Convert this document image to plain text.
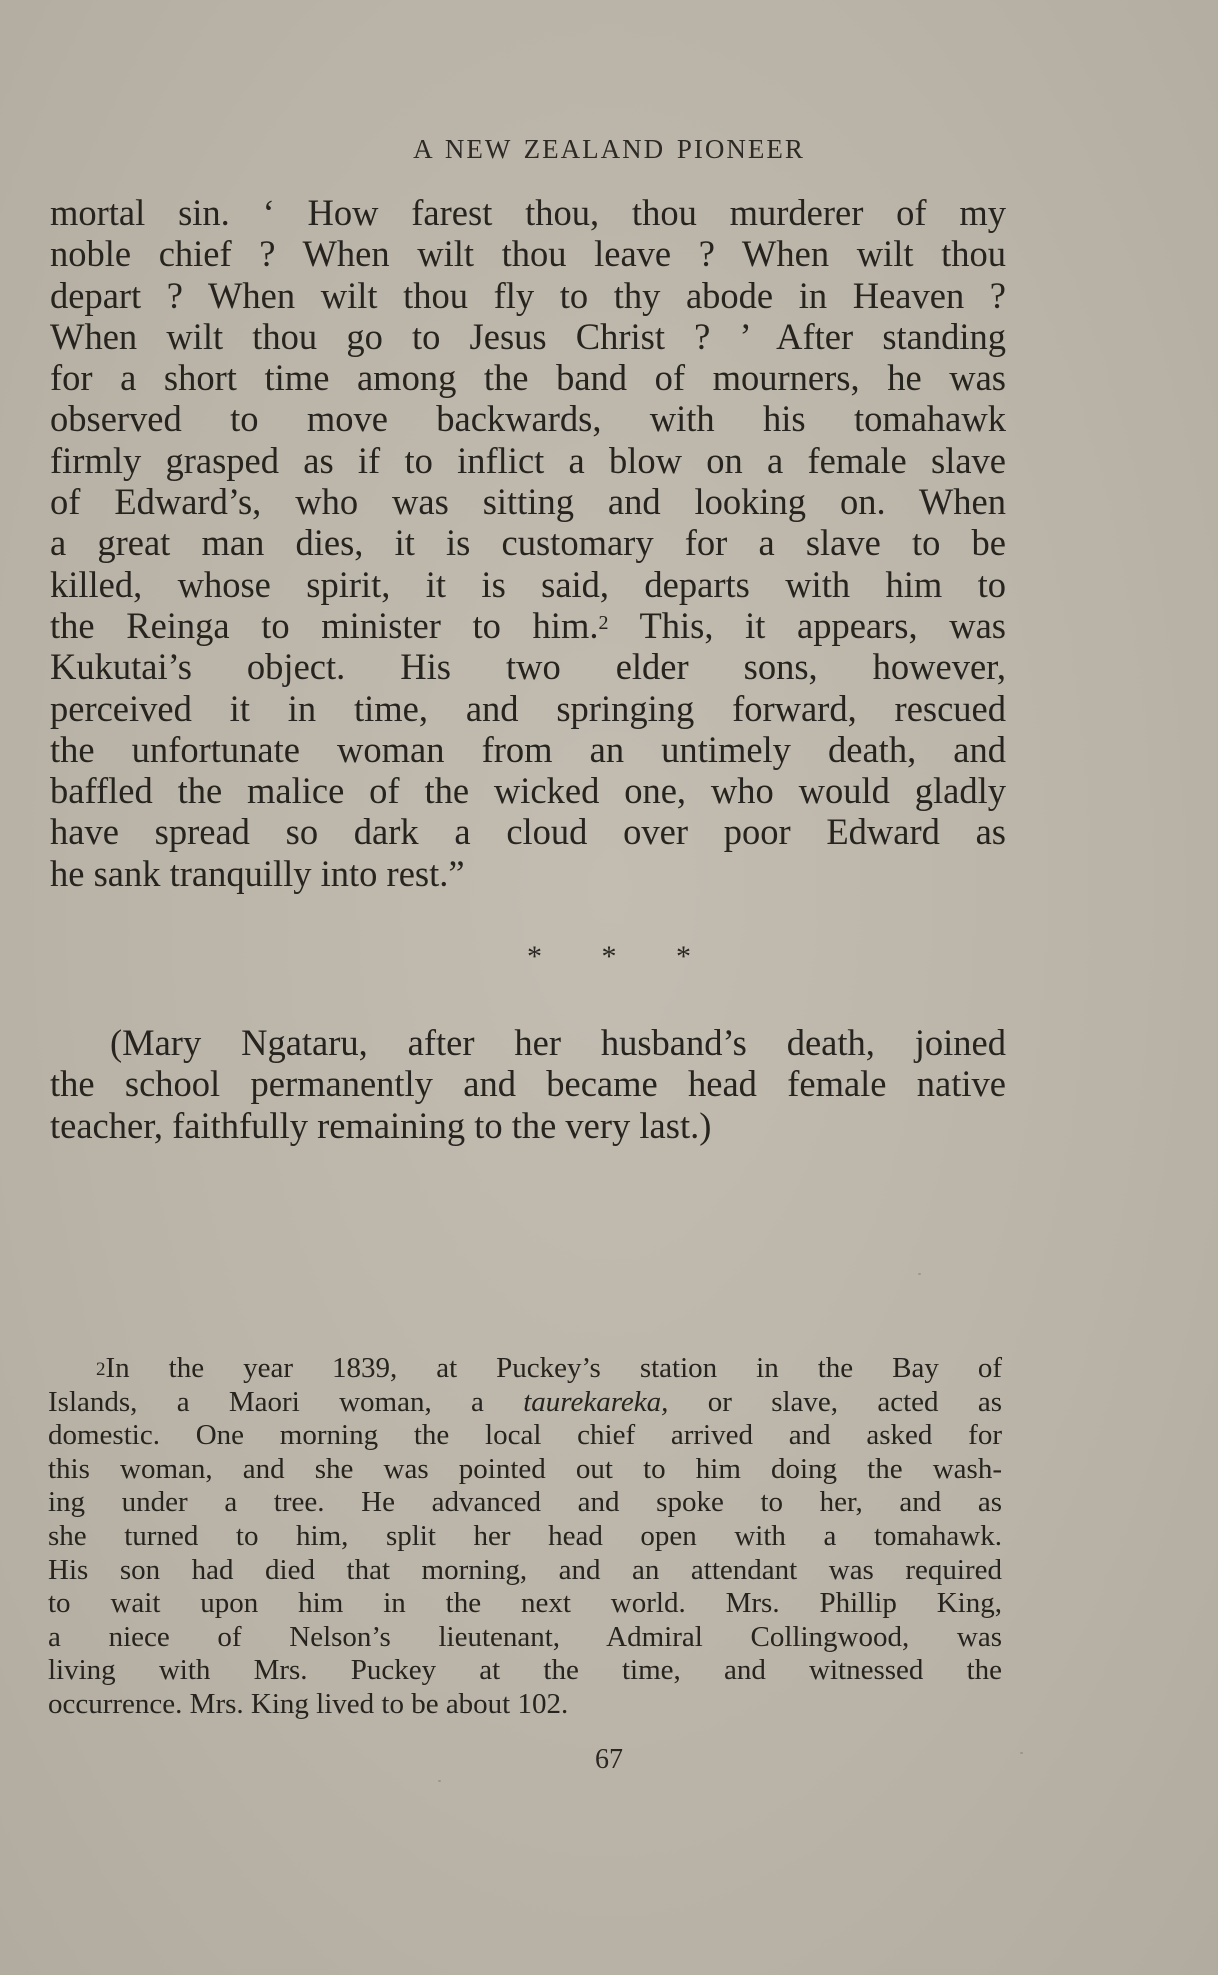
A NEW ZEALAND PIONEER
mortal sin. ‘ How farest thou, thou murderer of my
noble chief ? When wilt thou leave ? When wilt thou
depart ? When wilt thou fly to thy abode in Heaven ?
When wilt thou go to Jesus Christ ? ’ After standing
for a short time among the band of mourners, he was
observed to move backwards, with his tomahawk
firmly grasped as if to inflict a blow on a female slave
of Edward’s, who was sitting and looking on. When
a great man dies, it is customary for a slave to be
killed, whose spirit, it is said, departs with him to
the Reinga to minister to him.$^2$ This, it appears, was
Kukutai’s object. His two elder sons, however,
perceived it in time, and springing forward, rescued
the unfortunate woman from an untimely death, and
baffled the malice of the wicked one, who would gladly
have spread so dark a cloud over poor Edward as
he sank tranquilly into rest.”
* * *
(Mary Ngataru, after her husband’s death, joined
the school permanently and became head female native
teacher, faithfully remaining to the very last.)
$^2$In the year 1839, at Puckey’s station in the Bay of
Islands, a Maori woman, a taurekareka, or slave, acted as
domestic. One morning the local chief arrived and asked for
this woman, and she was pointed out to him doing the wash-
ing under a tree. He advanced and spoke to her, and as
she turned to him, split her head open with a tomahawk.
His son had died that morning, and an attendant was required
to wait upon him in the next world. Mrs. Phillip King,
a niece of Nelson’s lieutenant, Admiral Collingwood, was
living with Mrs. Puckey at the time, and witnessed the
occurrence. Mrs. King lived to be about 102.
67
